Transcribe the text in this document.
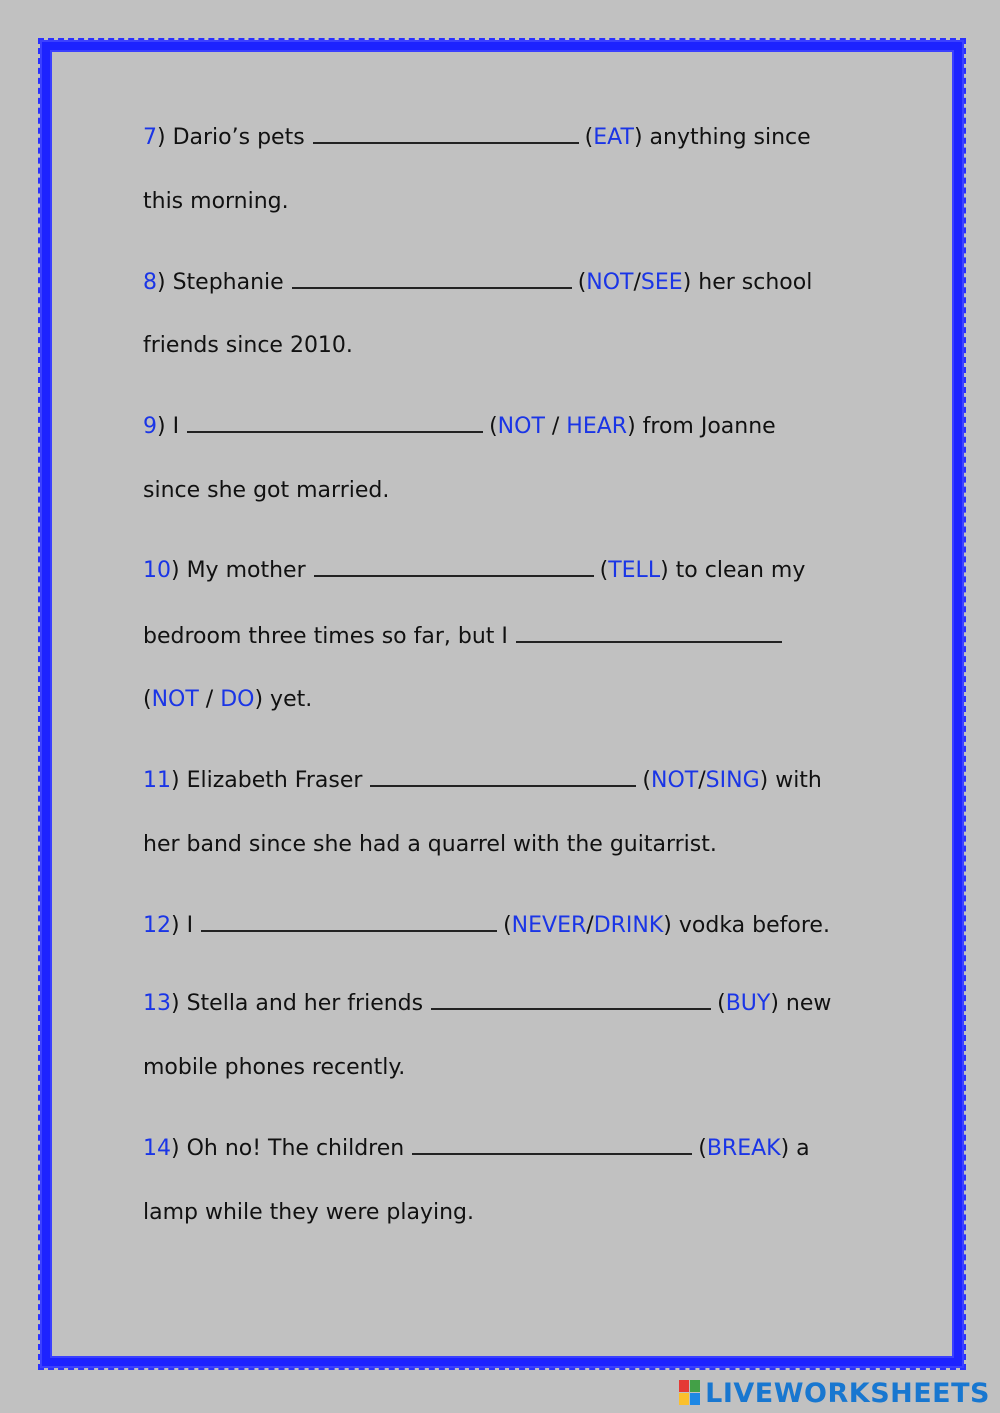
7) Dario’s pets	(EAT) anything since
this morning.
8) Stephanie	(NOT/SEE) her school
friends since 2010.
9) I	(NOT / HEAR) from Joanne
since she got married.
10) My mother	(TELL) to clean my
bedroom three times so far, but I
(NOT / DO) yet.
11) Elizabeth Fraser	(NOT/SING) with
her band since she had a quarrel with the guitarrist.
12) I	(NEVER/DRINK) vodka before.
13) Stella and her friends	(BUY) new
mobile phones recently.
14) Oh no! The children	(BREAK) a
lamp while they were playing.
LIVEWORKSHEETS
